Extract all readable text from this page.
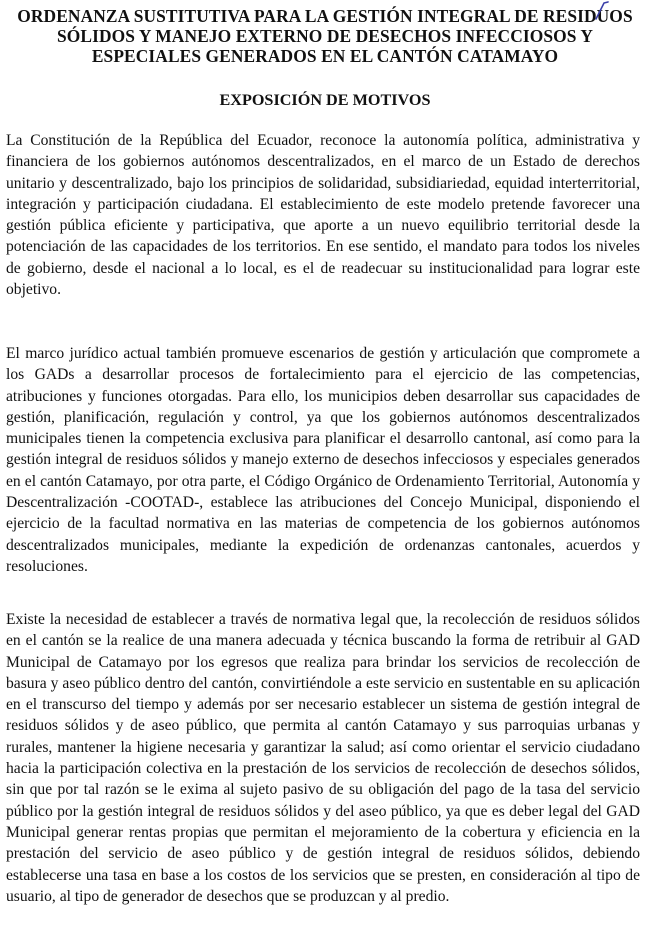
ORDENANZA SUSTITUTIVA PARA LA GESTIÓN INTEGRAL DE RESIDUOS SÓLIDOS Y MANEJO EXTERNO DE DESECHOS INFECCIOSOS Y ESPECIALES GENERADOS EN EL CANTÓN CATAMAYO
EXPOSICIÓN DE MOTIVOS

La Constitución de la República del Ecuador, reconoce la autonomía política, administrativa y financiera de los gobiernos autónomos descentralizados, en el marco de un Estado de derechos unitario y descentralizado, bajo los principios de solidaridad, subsidiariedad, equidad interterritorial, integración y participación ciudadana. El establecimiento de este modelo pretende favorecer una gestión pública eficiente y participativa, que aporte a un nuevo equilibrio territorial desde la potenciación de las capacidades de los territorios. En ese sentido, el mandato para todos los niveles de gobierno, desde el nacional a lo local, es el de readecuar su institucionalidad para lograr este objetivo.

El marco jurídico actual también promueve escenarios de gestión y articulación que compromete a los GADs a desarrollar procesos de fortalecimiento para el ejercicio de las competencias, atribuciones y funciones otorgadas. Para ello, los municipios deben desarrollar sus capacidades de gestión, planificación, regulación y control, ya que los gobiernos autónomos descentralizados municipales tienen la competencia exclusiva para planificar el desarrollo cantonal, así como para la gestión integral de residuos sólidos y manejo externo de desechos infecciosos y especiales generados en el cantón Catamayo, por otra parte, el Código Orgánico de Ordenamiento Territorial, Autonomía y Descentralización -COOTAD-, establece las atribuciones del Concejo Municipal, disponiendo el ejercicio de la facultad normativa en las materias de competencia de los gobiernos autónomos descentralizados municipales, mediante la expedición de ordenanzas cantonales, acuerdos y resoluciones.

Existe la necesidad de establecer a través de normativa legal que, la recolección de residuos sólidos en el cantón se la realice de una manera adecuada y técnica buscando la forma de retribuir al GAD Municipal de Catamayo por los egresos que realiza para brindar los servicios de recolección de basura y aseo público dentro del cantón, convirtiéndole a este servicio en sustentable en su aplicación en el transcurso del tiempo y además por ser necesario establecer un sistema de gestión integral de residuos sólidos y de aseo público, que permita al cantón Catamayo y sus parroquias urbanas y rurales, mantener la higiene necesaria y garantizar la salud; así como orientar el servicio ciudadano hacia la participación colectiva en la prestación de los servicios de recolección de desechos sólidos, sin que por tal razón se le exima al sujeto pasivo de su obligación del pago de la tasa del servicio público por la gestión integral de residuos sólidos y del aseo público, ya que es deber legal del GAD Municipal generar rentas propias que permitan el mejoramiento de la cobertura y eficiencia en la prestación del servicio de aseo público y de gestión integral de residuos sólidos, debiendo establecerse una tasa en base a los costos de los servicios que se presten, en consideración al tipo de usuario, al tipo de generador de desechos que se produzcan y al predio.
